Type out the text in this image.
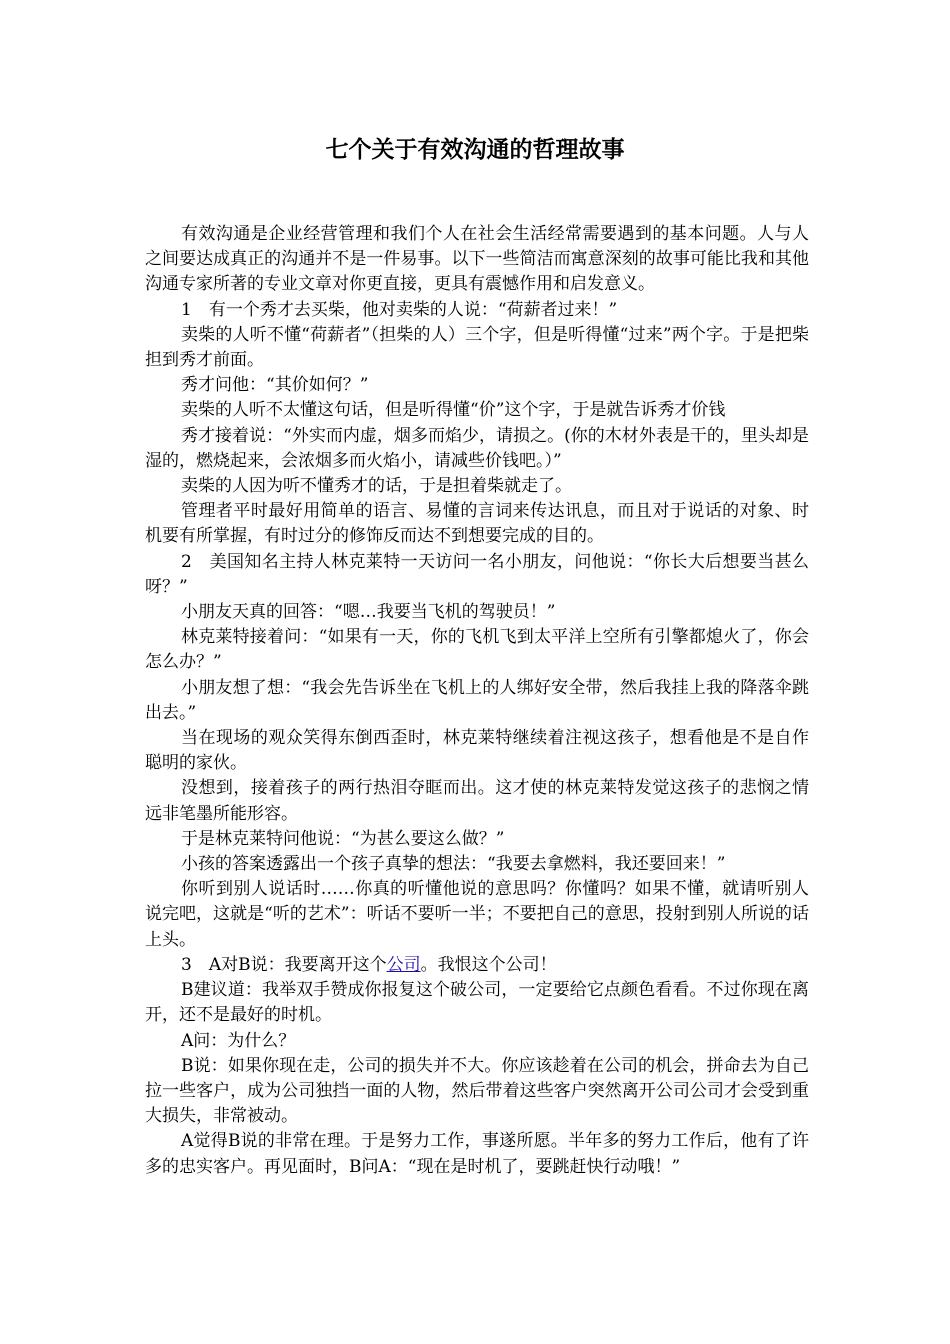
七个关于有效沟通的哲理故事

有效沟通是企业经营管理和我们个人在社会生活经常需要遇到的基本问题。人与人之间要达成真正的沟通并不是一件易事。以下一些简洁而寓意深刻的故事可能比我和其他沟通专家所著的专业文章对你更直接，更具有震憾作用和启发意义。

1　有一个秀才去买柴，他对卖柴的人说：“荷薪者过来！”

卖柴的人听不懂“荷薪者”（担柴的人）三个字，但是听得懂“过来”两个字。于是把柴担到秀才前面。

秀才问他：“其价如何？”

卖柴的人听不太懂这句话，但是听得懂“价”这个字，于是就告诉秀才价钱

秀才接着说：“外实而内虚，烟多而焰少，请损之。(你的木材外表是干的，里头却是湿的，燃烧起来，会浓烟多而火焰小，请减些价钱吧。）”

卖柴的人因为听不懂秀才的话，于是担着柴就走了。

管理者平时最好用简单的语言、易懂的言词来传达讯息，而且对于说话的对象、时机要有所掌握，有时过分的修饰反而达不到想要完成的目的。

2　美国知名主持人林克莱特一天访问一名小朋友，问他说：“你长大后想要当甚么呀？”

小朋友天真的回答：“嗯…我要当飞机的驾驶员！”

林克莱特接着问：“如果有一天，你的飞机飞到太平洋上空所有引擎都熄火了，你会怎么办？”

小朋友想了想：“我会先告诉坐在飞机上的人绑好安全带，然后我挂上我的降落伞跳出去。”

当在现场的观众笑得东倒西歪时，林克莱特继续着注视这孩子，想看他是不是自作聪明的家伙。

没想到，接着孩子的两行热泪夺眶而出。这才使的林克莱特发觉这孩子的悲悯之情远非笔墨所能形容。

于是林克莱特问他说：“为甚么要这么做？”

小孩的答案透露出一个孩子真挚的想法：“我要去拿燃料，我还要回来！”

你听到别人说话时……你真的听懂他说的意思吗？你懂吗？如果不懂，就请听别人说完吧，这就是“听的艺术”：听话不要听一半；不要把自己的意思，投射到别人所说的话上头。

3　A对B说：我要离开这个公司。我恨这个公司！

B建议道：我举双手赞成你报复这个破公司，一定要给它点颜色看看。不过你现在离开，还不是最好的时机。

A问：为什么？

B说：如果你现在走，公司的损失并不大。你应该趁着在公司的机会，拼命去为自己拉一些客户，成为公司独挡一面的人物，然后带着这些客户突然离开公司公司才会受到重大损失，非常被动。

A觉得B说的非常在理。于是努力工作，事遂所愿。半年多的努力工作后，他有了许多的忠实客户。再见面时，B问A：“现在是时机了，要跳赶快行动哦！”
